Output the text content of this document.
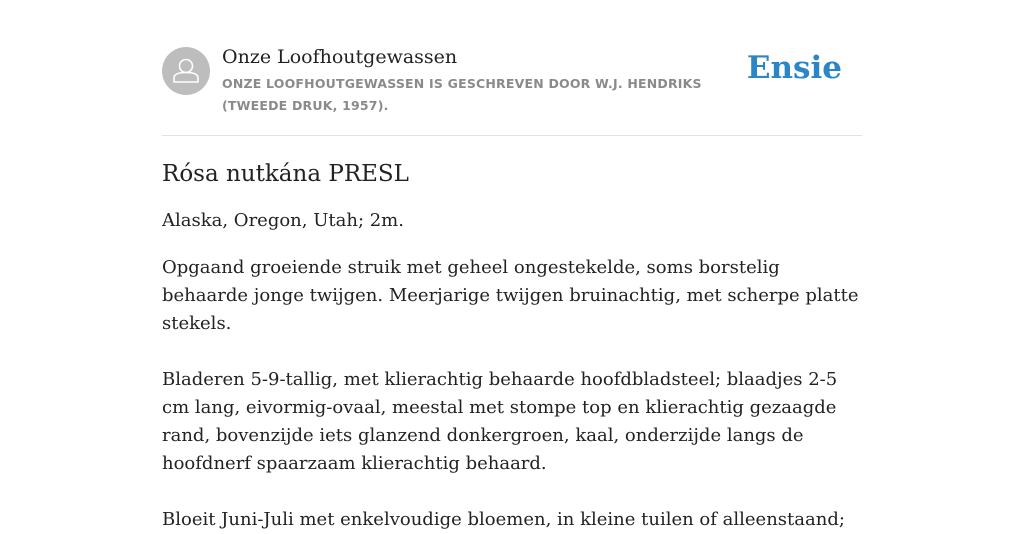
Onze Loofhoutgewassen
ONZE LOOFHOUTGEWASSEN IS GESCHREVEN DOOR W.J. HENDRIKS (TWEEDE DRUK, 1957).
Ensie
Rósa nutkána PRESL

Alaska, Oregon, Utah; 2m.

Opgaand groeiende struik met geheel ongestekelde, soms borstelig behaarde jonge twijgen. Meerjarige twijgen bruinachtig, met scherpe platte stekels.

Bladeren 5-9-tallig, met klierachtig behaarde hoofdbladsteel; blaadjes 2-5 cm lang, eivormig-ovaal, meestal met stompe top en klierachtig gezaagde rand, bovenzijde iets glanzend donkergroen, kaal, onderzijde langs de hoofdnerf spaarzaam klierachtig behaard.

Bloeit Juni-Juli met enkelvoudige bloemen, in kleine tuilen of alleenstaand;
